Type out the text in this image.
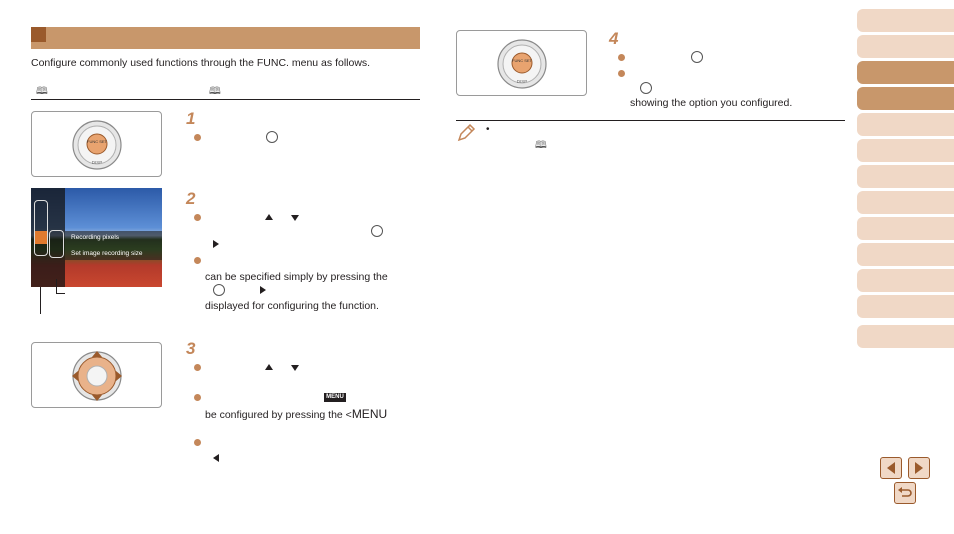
Configure commonly used functions through the FUNC. menu as follows.
🕮	🕮
FUNC SET
DISP
1
Recording pixels
Set image recording size
2
can be specified simply by pressing the
displayed for configuring the function.
3
MENU
be configured by pressing the <MENU
FUNC SET
DISP
4
showing the option you configured.
•
🕮
